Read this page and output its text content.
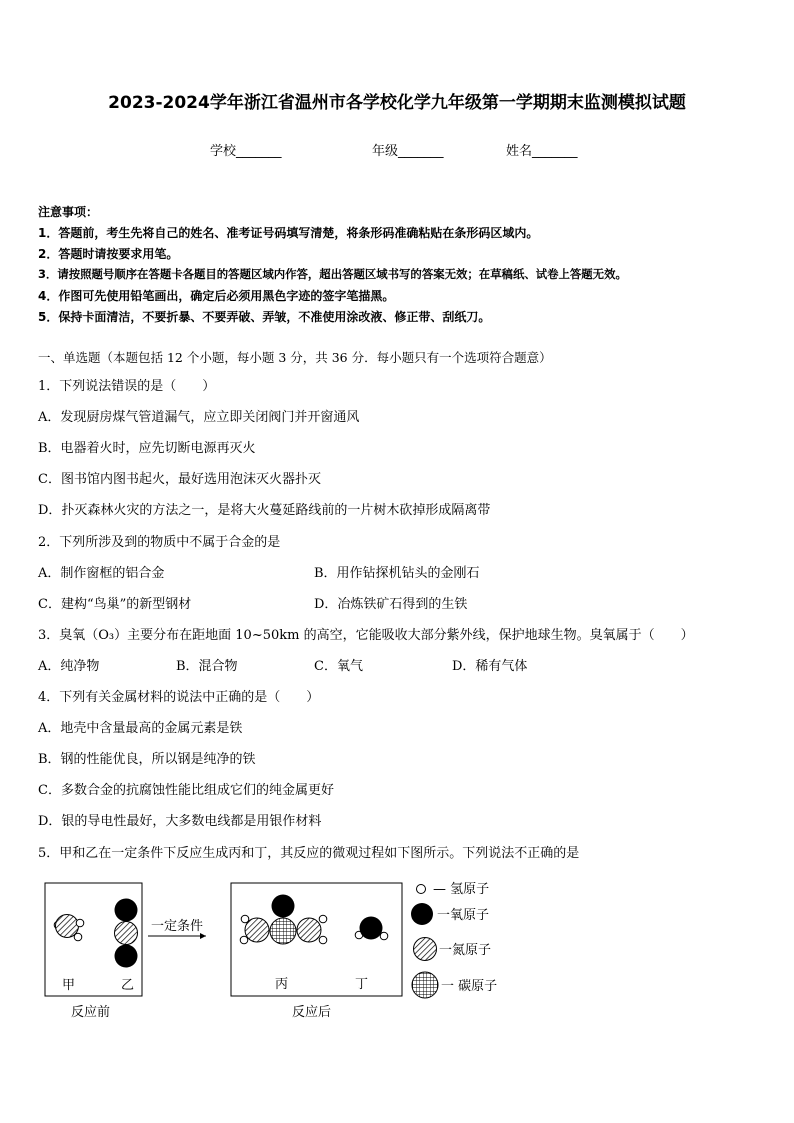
2023-2024学年浙江省温州市各学校化学九年级第一学期期末监测模拟试题
学校_______	年级_______	姓名_______
注意事项：
1．答题前，考生先将自己的姓名、准考证号码填写清楚，将条形码准确粘贴在条形码区域内。
2．答题时请按要求用笔。
3．请按照题号顺序在答题卡各题目的答题区域内作答，超出答题区域书写的答案无效；在草稿纸、试卷上答题无效。
4．作图可先使用铅笔画出，确定后必须用黑色字迹的签字笔描黑。
5．保持卡面清洁，不要折暴、不要弄破、弄皱，不准使用涂改液、修正带、刮纸刀。
一、单选题（本题包括 12 个小题，每小题 3 分，共 36 分．每小题只有一个选项符合题意）
1．下列说法错误的是（　　）
A．发现厨房煤气管道漏气，应立即关闭阀门并开窗通风
B．电器着火时，应先切断电源再灭火
C．图书馆内图书起火，最好选用泡沫灭火器扑灭
D．扑灭森林火灾的方法之一，是将大火蔓延路线前的一片树木砍掉形成隔离带
2．下列所涉及到的物质中不属于合金的是
A．制作窗框的铝合金	B．用作钻探机钻头的金刚石
C．建构“鸟巢”的新型钢材	D．冶炼铁矿石得到的生铁
3．臭氧（O₃）主要分布在距地面 10~50km 的高空，它能吸收大部分紫外线，保护地球生物。臭氧属于（　　）
A．纯净物	B．混合物	C．氧气	D．稀有气体
4．下列有关金属材料的说法中正确的是（　　）
A．地壳中含量最高的金属元素是铁
B．钢的性能优良，所以钢是纯净的铁
C．多数合金的抗腐蚀性能比组成它们的纯金属更好
D．银的导电性最好，大多数电线都是用银作材料
5．甲和乙在一定条件下反应生成丙和丁，其反应的微观过程如下图所示。下列说法不正确的是
甲	乙
反应前
一定条件
丙	丁
反应后
— 氢原子
一氧原子
一氮原子
一 碳原子
